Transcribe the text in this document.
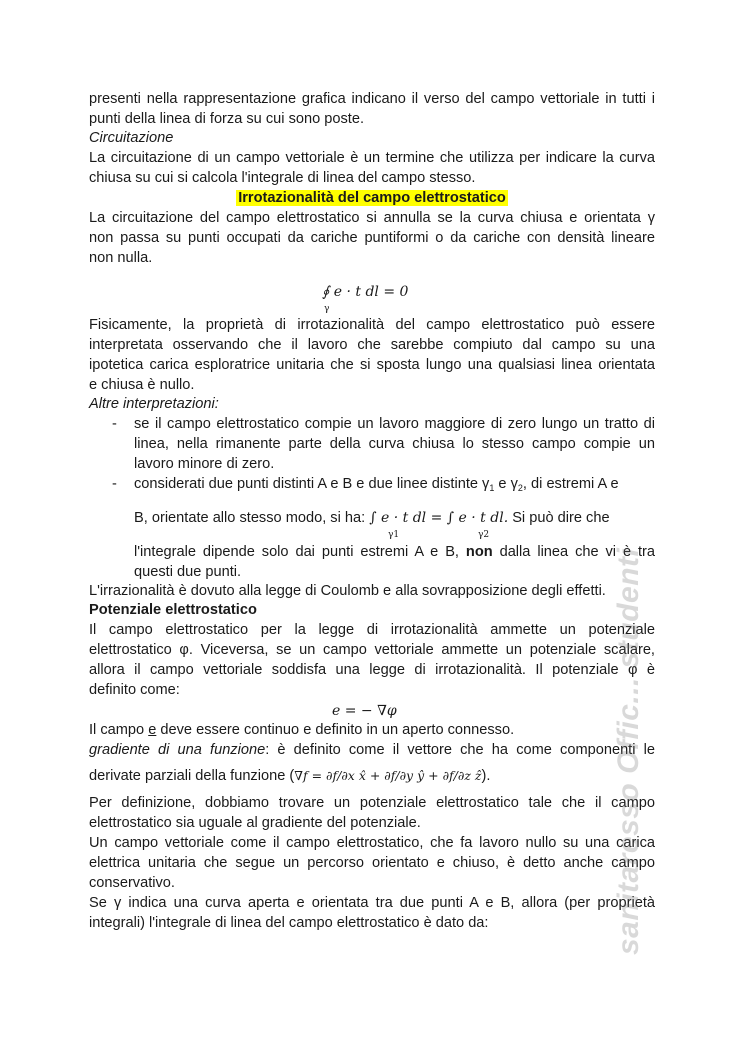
presenti nella rappresentazione grafica indicano il verso del campo vettoriale in tutti i
punti della linea di forza su cui sono poste.
Circuitazione
La circuitazione di un campo vettoriale è un termine che utilizza per indicare la curva
chiusa su cui si calcola l'integrale di linea del campo stesso.
Irrotazionalità del campo elettrostatico
La circuitazione del campo elettrostatico si annulla se la curva chiusa e orientata γ
non passa su punti occupati da cariche puntiformi o da cariche con densità lineare
non nulla.
∮ e · t dl = 0
γ
Fisicamente, la proprietà di irrotazionalità del campo elettrostatico può essere
interpretata osservando che il lavoro che sarebbe compiuto dal campo su una
ipotetica carica esploratrice unitaria che si sposta lungo una qualsiasi linea orientata
e chiusa è nullo.
Altre interpretazioni:
- se il campo elettrostatico compie un lavoro maggiore di zero lungo un tratto di
linea, nella rimanente parte della curva chiusa lo stesso campo compie un
lavoro minore di zero.
- considerati due punti distinti A e B e due linee distinte $\gamma_1$ e $\gamma_2$, di estremi A e
B, orientate allo stesso modo, si ha: ∫ e · t dl = ∫ e · t dl. Si può dire che
γ1	γ2
l'integrale dipende solo dai punti estremi A e B, non dalla linea che vi è tra
questi due punti.
L'irrazionalità è dovuto alla legge di Coulomb e alla sovrapposizione degli effetti.
Potenziale elettrostatico
Il campo elettrostatico per la legge di irrotazionalità ammette un potenziale
elettrostatico φ. Viceversa, se un campo vettoriale ammette un potenziale scalare,
allora il campo vettoriale soddisfa una legge di irrotazionalità. Il potenziale φ è
definito come:
e = − ∇φ
Il campo e deve essere continuo e definito in un aperto connesso.
gradiente di una funzione: è definito come il vettore che ha come componenti le
derivate parziali della funzione (∇f = ∂f/∂x x̂ + ∂f/∂y ŷ + ∂f/∂z ẑ).
Per definizione, dobbiamo trovare un potenziale elettrostatico tale che il campo
elettrostatico sia uguale al gradiente del potenziale.
Un campo vettoriale come il campo elettrostatico, che fa lavoro nullo su una carica
elettrica unitaria che segue un percorso orientato e chiuso, è detto anche campo
conservativo.
Se γ indica una curva aperta e orientata tra due punti A e B, allora (per proprietà
integrali) l'integrale di linea del campo elettrostatico è dato da:	sanitaresso Offic... studenti
